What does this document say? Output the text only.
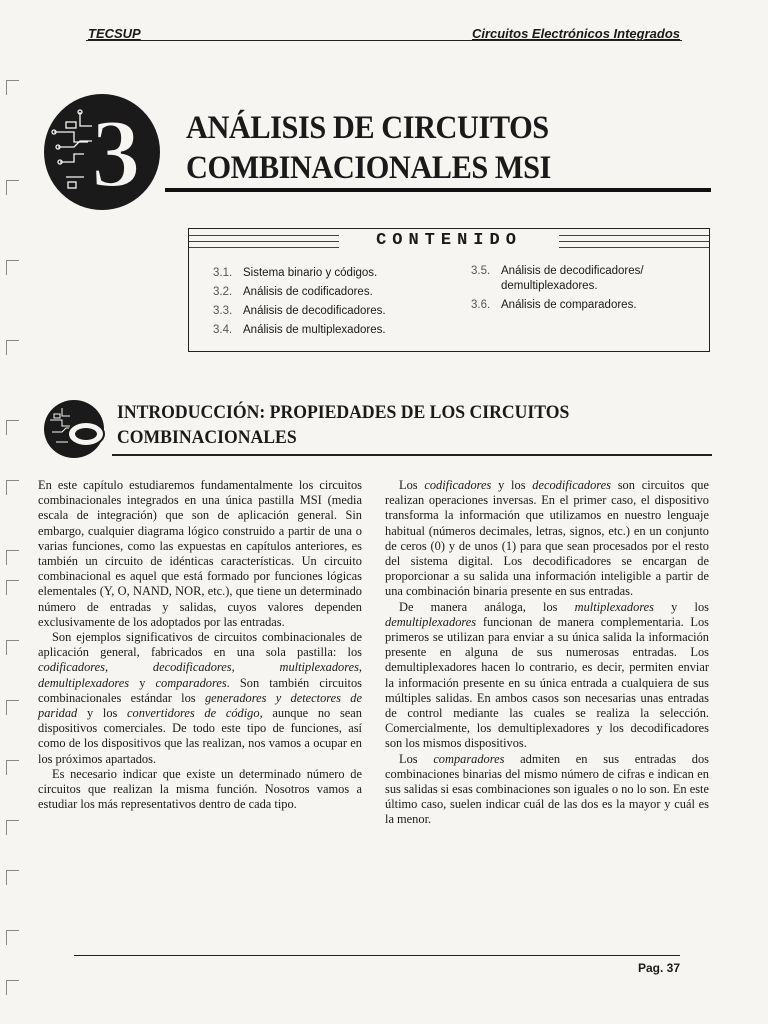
TECSUP	Circuitos Electrónicos Integrados
3 ANÁLISIS DE CIRCUITOS
COMBINACIONALES MSI
CONTENIDO
3.1. Sistema binario y códigos.
3.2. Análisis de codificadores.
3.3. Análisis de decodificadores.
3.4. Análisis de multiplexadores.
3.5. Análisis de decodificadores/
demultiplexadores.
3.6. Análisis de comparadores.
INTRODUCCIÓN: PROPIEDADES DE LOS CIRCUITOS
COMBINACIONALES

En este capítulo estudiaremos fundamentalmente los circuitos combinacionales integrados en una única pastilla MSI (media escala de integración) que son de aplicación general. Sin embargo, cualquier diagrama lógico construido a partir de una o varias funciones, como las expuestas en capítulos anteriores, es también un circuito de idénticas características. Un circuito combinacional es aquel que está formado por funciones lógicas elementales (Y, O, NAND, NOR, etc.), que tiene un determinado número de entradas y salidas, cuyos valores dependen exclusivamente de los adoptados por las entradas.

Son ejemplos significativos de circuitos combinacionales de aplicación general, fabricados en una sola pastilla: los codificadores, decodificadores, multiplexadores, demultiplexadores y comparadores. Son también circuitos combinacionales estándar los generadores y detectores de paridad y los convertidores de código, aunque no sean dispositivos comerciales. De todo este tipo de funciones, así como de los dispositivos que las realizan, nos vamos a ocupar en los próximos apartados.

Es necesario indicar que existe un determinado número de circuitos que realizan la misma función. Nosotros vamos a estudiar los más representativos dentro de cada tipo.

Los codificadores y los decodificadores son circuitos que realizan operaciones inversas. En el primer caso, el dispositivo transforma la información que utilizamos en nuestro lenguaje habitual (números decimales, letras, signos, etc.) en un conjunto de ceros (0) y de unos (1) para que sean procesados por el resto del sistema digital. Los decodificadores se encargan de proporcionar a su salida una información inteligible a partir de una combinación binaria presente en sus entradas.

De manera análoga, los multiplexadores y los demultiplexadores funcionan de manera complementaria. Los primeros se utilizan para enviar a su única salida la información presente en alguna de sus numerosas entradas. Los demultiplexadores hacen lo contrario, es decir, permiten enviar la información presente en su única entrada a cualquiera de sus múltiples salidas. En ambos casos son necesarias unas entradas de control mediante las cuales se realiza la selección. Comercialmente, los demultiplexadores y los decodificadores son los mismos dispositivos.

Los comparadores admiten en sus entradas dos combinaciones binarias del mismo número de cifras e indican en sus salidas si esas combinaciones son iguales o no lo son. En este último caso, suelen indicar cuál de las dos es la mayor y cuál es la menor.

Pag. 37
